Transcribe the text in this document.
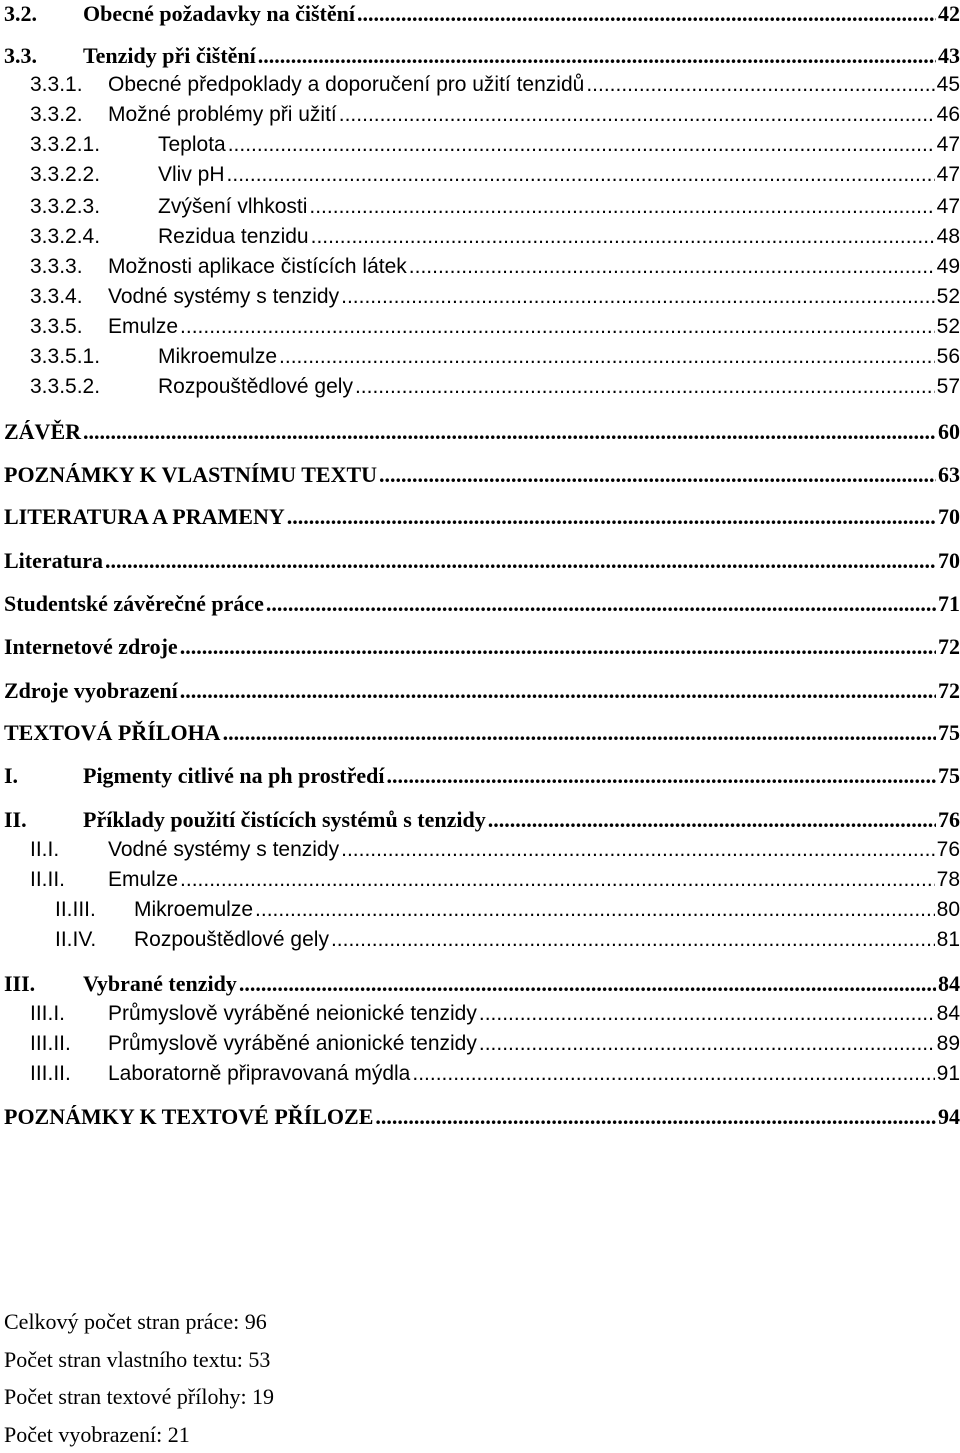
3.2.	Obecné požadavky na čištění .....	42
3.3.	Tenzidy při čištění .....	43
3.3.1.	Obecné předpoklady a doporučení pro užití tenzidů .....	45
3.3.2.	Možné problémy při užití .....	46
3.3.2.1.	Teplota .....	47
3.3.2.2.	Vliv pH .....	47
3.3.2.3.	Zvýšení vlhkosti .....	47
3.3.2.4.	Rezidua tenzidu .....	48
3.3.3.	Možnosti aplikace čistících látek .....	49
3.3.4.	Vodné systémy s tenzidy .....	52
3.3.5.	Emulze .....	52
3.3.5.1.	Mikroemulze .....	56
3.3.5.2.	Rozpouštědlové gely .....	57
ZÁVĚR .....	60
POZNÁMKY K VLASTNÍMU TEXTU .....	63
LITERATURA A PRAMENY .....	70
Literatura .....	70
Studentské závěrečné práce .....	71
Internetové zdroje .....	72
Zdroje vyobrazení .....	72
TEXTOVÁ PŘÍLOHA .....	75
I.	Pigmenty citlivé na ph prostředí .....	75
II.	Příklady použití čistících systémů s tenzidy .....	76
II.I.	Vodné systémy s tenzidy .....	76
II.II.	Emulze .....	78
II.III.	Mikroemulze .....	80
II.IV.	Rozpouštědlové gely .....	81
III.	Vybrané tenzidy .....	84
III.I.	Průmyslově vyráběné neionické tenzidy .....	84
III.II.	Průmyslově vyráběné anionické tenzidy .....	89
III.II.	Laboratorně připravovaná mýdla .....	91
POZNÁMKY K TEXTOVÉ PŘÍLOZE .....	94
Celkový počet stran práce: 96
Počet stran vlastního textu: 53
Počet stran textové přílohy: 19
Počet vyobrazení: 21
